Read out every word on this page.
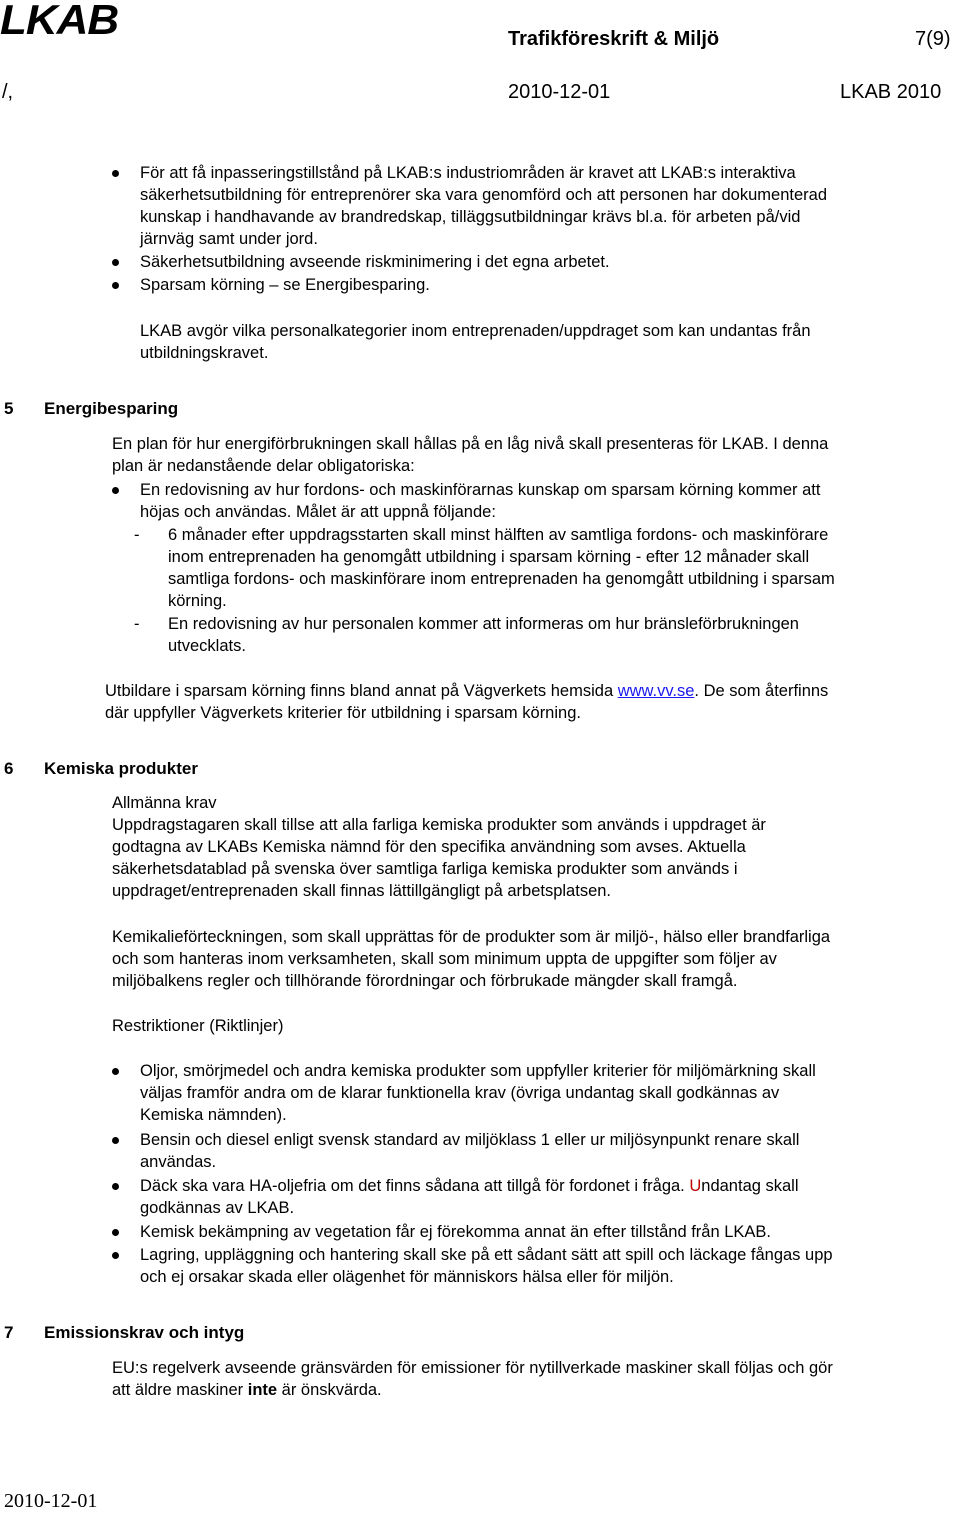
LKAB	Trafikföreskrift & Miljö	7(9)
/,	2010-12-01	LKAB 2010
För att få inpasseringstillstånd på LKAB:s industriområden är kravet att LKAB:s interaktiva
säkerhetsutbildning för entreprenörer ska vara genomförd och att personen har dokumenterad
kunskap i handhavande av brandredskap, tilläggsutbildningar krävs bl.a. för arbeten på/vid
järnväg samt under jord.
Säkerhetsutbildning avseende riskminimering i det egna arbetet.
Sparsam körning – se Energibesparing.
LKAB avgör vilka personalkategorier inom entreprenaden/uppdraget som kan undantas från
utbildningskravet.
5 Energibesparing
En plan för hur energiförbrukningen skall hållas på en låg nivå skall presenteras för LKAB. I denna
plan är nedanstående delar obligatoriska:
En redovisning av hur fordons- och maskinförarnas kunskap om sparsam körning kommer att
höjas och användas. Målet är att uppnå följande:
- 6 månader efter uppdragsstarten skall minst hälften av samtliga fordons- och maskinförare
inom entreprenaden ha genomgått utbildning i sparsam körning - efter 12 månader skall
samtliga fordons- och maskinförare inom entreprenaden ha genomgått utbildning i sparsam
körning.
- En redovisning av hur personalen kommer att informeras om hur bränsleförbrukningen
utvecklats.
Utbildare i sparsam körning finns bland annat på Vägverkets hemsida www.vv.se. De som återfinns
där uppfyller Vägverkets kriterier för utbildning i sparsam körning.
6 Kemiska produkter
Allmänna krav
Uppdragstagaren skall tillse att alla farliga kemiska produkter som används i uppdraget är
godtagna av LKABs Kemiska nämnd för den specifika användning som avses. Aktuella
säkerhetsdatablad på svenska över samtliga farliga kemiska produkter som används i
uppdraget/entreprenaden skall finnas lättillgängligt på arbetsplatsen.
Kemikalieförteckningen, som skall upprättas för de produkter som är miljö-, hälso eller brandfarliga
och som hanteras inom verksamheten, skall som minimum uppta de uppgifter som följer av
miljöbalkens regler och tillhörande förordningar och förbrukade mängder skall framgå.
Restriktioner (Riktlinjer)
Oljor, smörjmedel och andra kemiska produkter som uppfyller kriterier för miljömärkning skall
väljas framför andra om de klarar funktionella krav (övriga undantag skall godkännas av
Kemiska nämnden).
Bensin och diesel enligt svensk standard av miljöklass 1 eller ur miljösynpunkt renare skall
användas.
Däck ska vara HA-oljefria om det finns sådana att tillgå för fordonet i fråga. Undantag skall
godkännas av LKAB.
Kemisk bekämpning av vegetation får ej förekomma annat än efter tillstånd från LKAB.
Lagring, uppläggning och hantering skall ske på ett sådant sätt att spill och läckage fångas upp
och ej orsakar skada eller olägenhet för människors hälsa eller för miljön.
7 Emissionskrav och intyg
EU:s regelverk avseende gränsvärden för emissioner för nytillverkade maskiner skall följas och gör
att äldre maskiner inte är önskvärda.
2010-12-01
